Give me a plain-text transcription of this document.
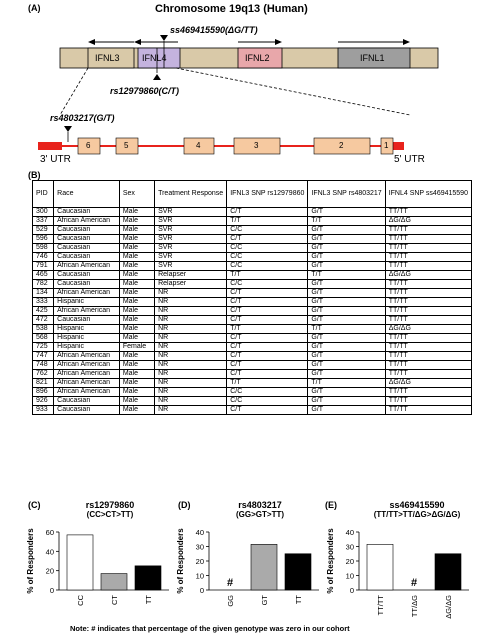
(A)	Chromosome 19q13 (Human)
IFNL3 IFNL4	IFNL2	IFNL1
ss469415590(ΔG/TT)
rs12979860(C/T)
rs4803217(G/T)
6	5	4	3	2	1
3' UTR	5' UTR
(B)
PID	Race	Sex	Treatment Response	IFNL3 SNP rs12979860	IFNL3 SNP rs4803217	IFNL4 SNP ss469415590
300	Caucasian	Male	SVR	C/T	G/T	TT/TT
337	African American	Male	SVR	T/T	T/T	ΔG/ΔG
529	Caucasian	Male	SVR	C/C	G/T	TT/TT
596	Caucasian	Male	SVR	C/T	G/T	TT/TT
598	Caucasian	Male	SVR	C/C	G/T	TT/TT
746	Caucasian	Male	SVR	C/C	G/T	TT/TT
791	African American	Male	SVR	C/C	G/T	TT/TT
465	Caucasian	Male	Relapser	T/T	T/T	ΔG/ΔG
782	Caucasian	Male	Relapser	C/C	G/T	TT/TT
134	African American	Male	NR	C/T	G/T	TT/TT
333	Hispanic	Male	NR	C/T	G/T	TT/TT
425	African American	Male	NR	C/T	G/T	TT/TT
472	Caucasian	Male	NR	C/T	G/T	TT/TT
538	Hispanic	Male	NR	T/T	T/T	ΔG/ΔG
568	Hispanic	Male	NR	C/T	G/T	TT/TT
725	Hispanic	Female	NR	C/T	G/T	TT/TT
747	African American	Male	NR	C/T	G/T	TT/TT
748	African American	Male	NR	C/T	G/T	TT/TT
762	African American	Male	NR	C/T	G/T	TT/TT
821	African American	Male	NR	T/T	T/T	ΔG/ΔG
896	African American	Male	NR	C/C	G/T	TT/TT
926	Caucasian	Male	NR	C/C	G/T	TT/TT
933	Caucasian	Male	NR	C/T	G/T	TT/TT
(C)	(D)	(E)
rs12979860
(CC>CT>TT)
rs4803217
(GG>GT>TT)
ss469415590
(TT/TT>TT/ΔG>ΔG/ΔG)
% of Responders 0
20
40
60
CC	CT	TT
% of Responders 0
10
20
30
40
#
GG	GT	TT
% of Responders 0
10
20
30
40
TT/TT
#
TT/ΔG	ΔG/ΔG
Note: # indicates that percentage of the given genotype was zero in our cohort
